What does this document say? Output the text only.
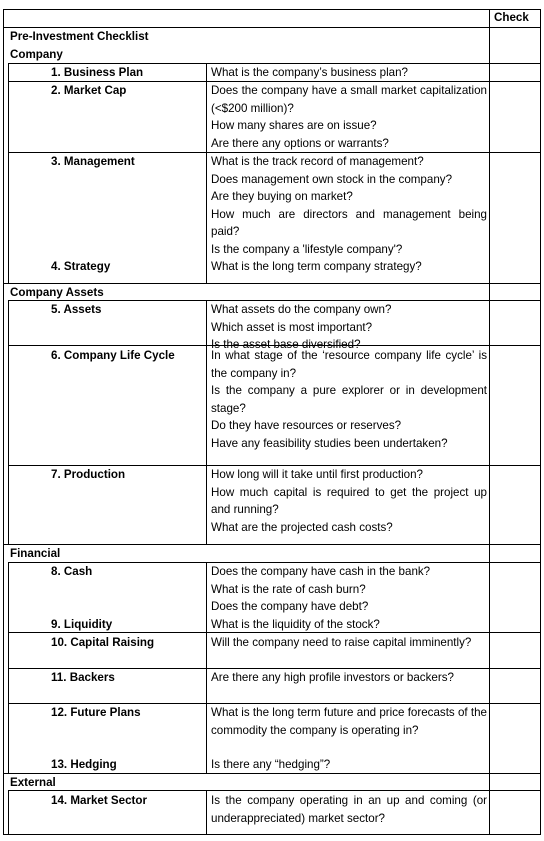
Check
Pre-Investment Checklist
Company
1. Business Plan	What is the company’s business plan?
2. Market Cap	Does the company have a small market capitalization (<$200 million)?
How many shares are on issue?
Are there any options or warrants?
3. Management	What is the track record of management?
Does management own stock in the company?
Are they buying on market?
How much are directors and management being paid?
Is the company a 'lifestyle company'?
4. Strategy	What is the long term company strategy?
Company Assets
5. Assets	What assets do the company own?
Which asset is most important?
Is the asset base diversified?
6. Company Life Cycle	In what stage of the ‘resource company life cycle’ is the company in?
Is the company a pure explorer or in development stage?
Do they have resources or reserves?
Have any feasibility studies been undertaken?
7. Production	How long will it take until first production?
How much capital is required to get the project up and running?
What are the projected cash costs?
Financial
8. Cash	Does the company have cash in the bank?
What is the rate of cash burn?
Does the company have debt?
9. Liquidity	What is the liquidity of the stock?
10. Capital Raising	Will the company need to raise capital imminently?
11. Backers	Are there any high profile investors or backers?
12. Future Plans	What is the long term future and price forecasts of the commodity the company is operating in?
13. Hedging	Is there any “hedging”?
External
14. Market Sector	Is the company operating in an up and coming (or underappreciated) market sector?
